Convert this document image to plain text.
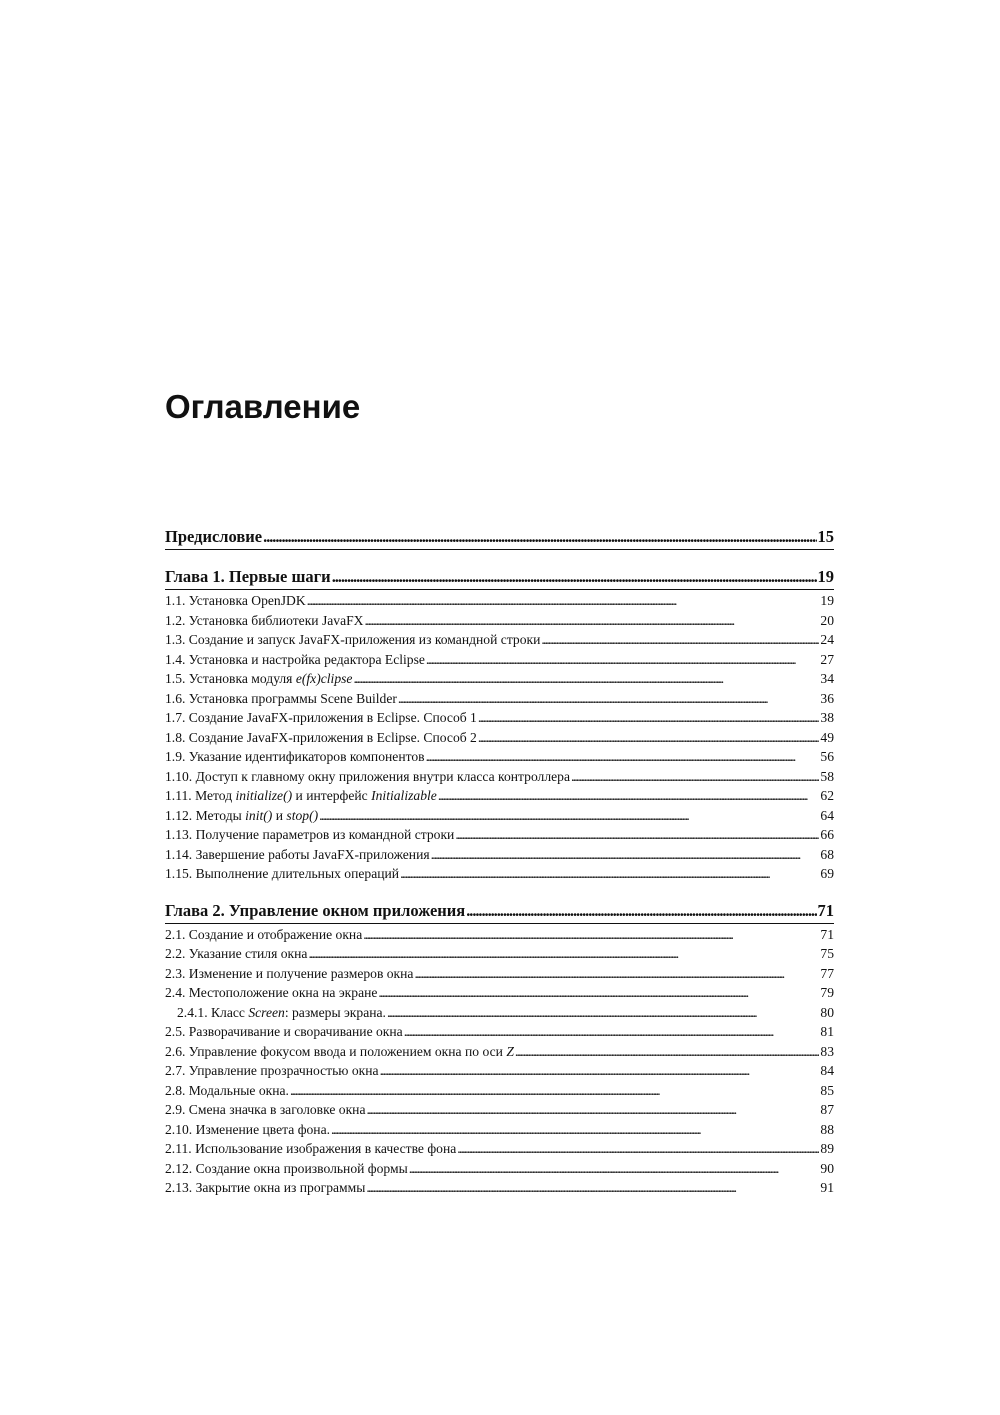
Оглавление
Предисловие . . .	15
Глава 1. Первые шаги . . .	19
1.1. Установка OpenJDK . . .	19
1.2. Установка библиотеки JavaFX . . .	20
1.3. Создание и запуск JavaFX-приложения из командной строки . . .	24
1.4. Установка и настройка редактора Eclipse . . .	27
1.5. Установка модуля e(fx)clipse . . .	34
1.6. Установка программы Scene Builder . . .	36
1.7. Создание JavaFX-приложения в Eclipse. Способ 1 . . .	38
1.8. Создание JavaFX-приложения в Eclipse. Способ 2 . . .	49
1.9. Указание идентификаторов компонентов . . .	56
1.10. Доступ к главному окну приложения внутри класса контроллера . . .	58
1.11. Метод initialize() и интерфейс Initializable . . .	62
1.12. Методы init() и stop() . . .	64
1.13. Получение параметров из командной строки . . .	66
1.14. Завершение работы JavaFX-приложения . . .	68
1.15. Выполнение длительных операций . . .	69
Глава 2. Управление окном приложения . . .	71
2.1. Создание и отображение окна . . .	71
2.2. Указание стиля окна . . .	75
2.3. Изменение и получение размеров окна . . .	77
2.4. Местоположение окна на экране . . .	79
2.4.1. Класс Screen: размеры экрана. . . .	80
2.5. Разворачивание и сворачивание окна . . .	81
2.6. Управление фокусом ввода и положением окна по оси Z . . .	83
2.7. Управление прозрачностью окна . . .	84
2.8. Модальные окна. . . .	85
2.9. Смена значка в заголовке окна . . .	87
2.10. Изменение цвета фона. . . .	88
2.11. Использование изображения в качестве фона . . .	89
2.12. Создание окна произвольной формы . . .	90
2.13. Закрытие окна из программы . . .	91
